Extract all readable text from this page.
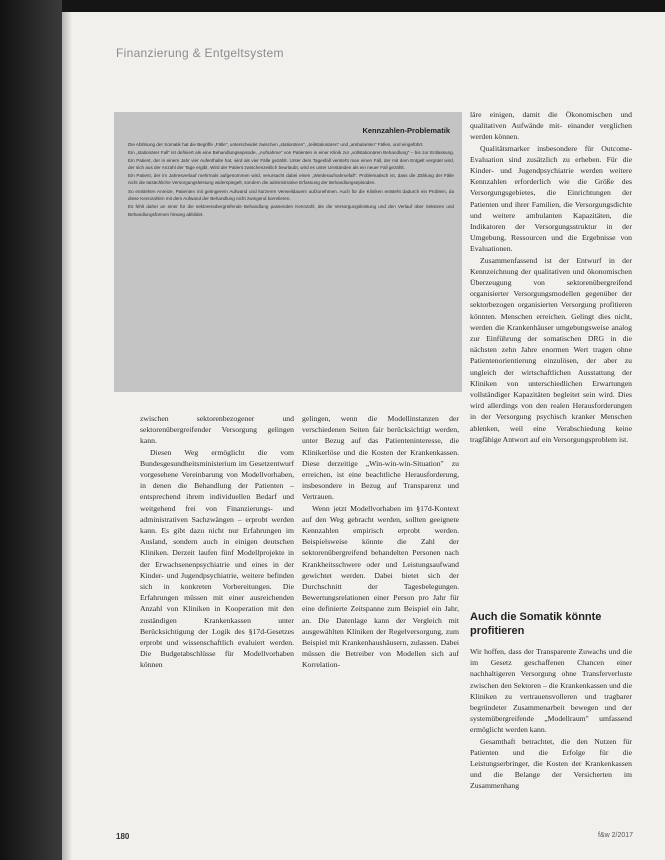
Finanzierung & Entgeltsystem
Kennzahlen-Problematik

Die Ablösung der Somatik hat die Begriffe „Fälle", unterscheidet zwischen „stationären", „teilstationären" und „ambulanten" Fällen, und eingeführt.

Ein „stationärer Fall" ist definiert als eine Behandlungsepisode, „Aufnahme" von Patienten in einer Klinik zur „vollstationären Behandlung" – bis zur Entlassung. Ein Patient, der in einem Jahr vier Aufenthalte hat, wird als vier Fälle gezählt. Unter dem Tagesfall versteht man einen Fall, der mit dem Entgelt vergütet wird, der sich aus der Anzahl der Tage ergibt. Wird der Patient zwischenzeitlich beurlaubt, wird es unter Umständen als ein neuer Fall gezählt.

Ein Patient, der im Jahresverlauf mehrmals aufgenommen wird, verursacht dabei einen „Wiederaufnahmefall". Problematisch ist, dass die Zählung der Fälle nicht die tatsächliche Versorgungsleistung widerspiegelt, sondern die administrative Erfassung der Behandlungsepisoden.

So entstehen Anreize, Patienten mit geringerem Aufwand und kürzeren Verweildauern aufzunehmen. Auch für die Kliniken entsteht dadurch ein Problem, da diese Kennzahlen mit dem Aufwand der Behandlung nicht zwingend korrelieren.

Es fehlt daher an einer für die sektorenübergreifende Behandlung passenden Kennzahl, die die Versorgungsleistung und den Verlauf über Sektoren und Behandlungsformen hinweg abbildet.

zwischen sektorenbezogener und sektorenübergreifender Versorgung gelingen kann.

Diesen Weg ermöglicht die vom Bundesgesundheitsministerium im Gesetzentwurf vorgesehene Vereinbarung von Modellvorhaben, in denen die Behandlung der Patienten – entsprechend ihrem individuellen Bedarf und weitgehend frei von Finanzierungs- und administrativen Sachzwängen – erprobt werden kann. Es gibt dazu nicht nur Erfahrungen im Ausland, sondern auch in einigen deutschen Kliniken. Derzeit laufen fünf Modellprojekte in der Erwachsenenpsychiatrie und eines in der Kinder- und Jugendpsychiatrie, weitere befinden sich in konkreten Vorbereitungen. Die Erfahrungen müssen mit einer ausreichenden Anzahl von Kliniken in Kooperation mit den zuständigen Krankenkassen unter Berücksichtigung der Logik des §17d-Gesetzes erprobt und wissenschaftlich evaluiert werden. Die Budgetabschlüsse für Modellvorhaben können

gelingen, wenn die Modellinstanzen der verschiedenen Seiten fair berücksichtigt werden, unter Bezug auf das Patienteninteresse, die Klinikerlöse und die Kosten der Krankenkassen. Diese derzeitige „Win-win-win-Situation" zu erreichen, ist eine beachtliche Herausforderung, insbesondere in Bezug auf Transparenz und Vertrauen.

Wenn jetzt Modellvorhaben im §17d-Kontext auf den Weg gebracht werden, sollten geeignete Kennzahlen empirisch erprobt werden. Beispielsweise könnte die Zahl der sektorenübergreifend behandelten Personen nach Krankheitsschwere oder und Leistungsaufwand gewichtet werden. Dabei bietet sich der Durchschnitt der Tagesbelegungen. Bewertungsrelationen einer Person pro Jahr für eine definierte Zeitspanne zum Beispiel ein Jahr, an. Die Datenlage kann der Vergleich mit ausgewählten Kliniken der Regelversorgung, zum Beispiel mit Krankenhaushäusern, zulassen. Dabei müssen die Betreiber von Modellen sich auf Korrelation-

läre einigen, damit die Ökonomischen und qualitativen Aufwände mit- einander verglichen werden können.

Qualitätsmarker insbesondere für Outcome-Evaluation sind zusätzlich zu erheben. Für die Kinder- und Jugendpsychiatrie werden weitere Kennzahlen erforderlich wie die Größe des Versorgungsgebietes, die Einrichtungen der Patienten und ihrer Familien, die Versorgungsdichte und weitere ambulanten Kapazitäten, die Indikatoren der Versorgungsstruktur in der Umgebung, Ressourcen und die Ergebnisse von Evaluationen.

Zusammenfassend ist der Entwurf in der Kennzeichnung der qualitativen und ökonomischen Überzeugung von sektorenübergreifend organisierter Versorgungsmodellen gegenüber der sektorbezogen organisierten Versorgung profitieren könnten. Menschen erreichen. Gelingt dies nicht, werden die Krankenhäuser umgebungsweise analog zur Einführung der somatischen DRG in die nächsten zehn Jahre enormen Wert tragen ohne Patientenorientierung einzulösen, der aber zu ungleich der wirtschaftlichen Ausstattung der Kliniken von unterschiedlichen Erwartungen vollständiger Kapazitäten begleitet sein wird. Dies wird allerdings von den realen Herausforderungen in der Versorgung psychisch kranker Menschen ablenken, weil eine Verabschiedung keine tragfähige Antwort auf ein Versorgungsproblem ist.

Auch die Somatik könnte profitieren

Wir hoffen, dass der Transparente Zuwachs und die im Gesetz geschaffenen Chancen einer nachhaltigeren Versorgung ohne Transferverluste zwischen den Sektoren – die Krankenkassen und die Kliniken zu vertrauensvolleren und tragbarer begründeter Zusammenarbeit bewegen und der systemübergreifende „Modellraum" umfassend ermöglicht werden kann.

Gesamthaft betrachtet, die den Nutzen für Patienten und die Erfolge für die Leistungserbringer, die Kosten der Krankenkassen und die Belange der Versicherten im Zusammenhang

180	f&w 2/2017
